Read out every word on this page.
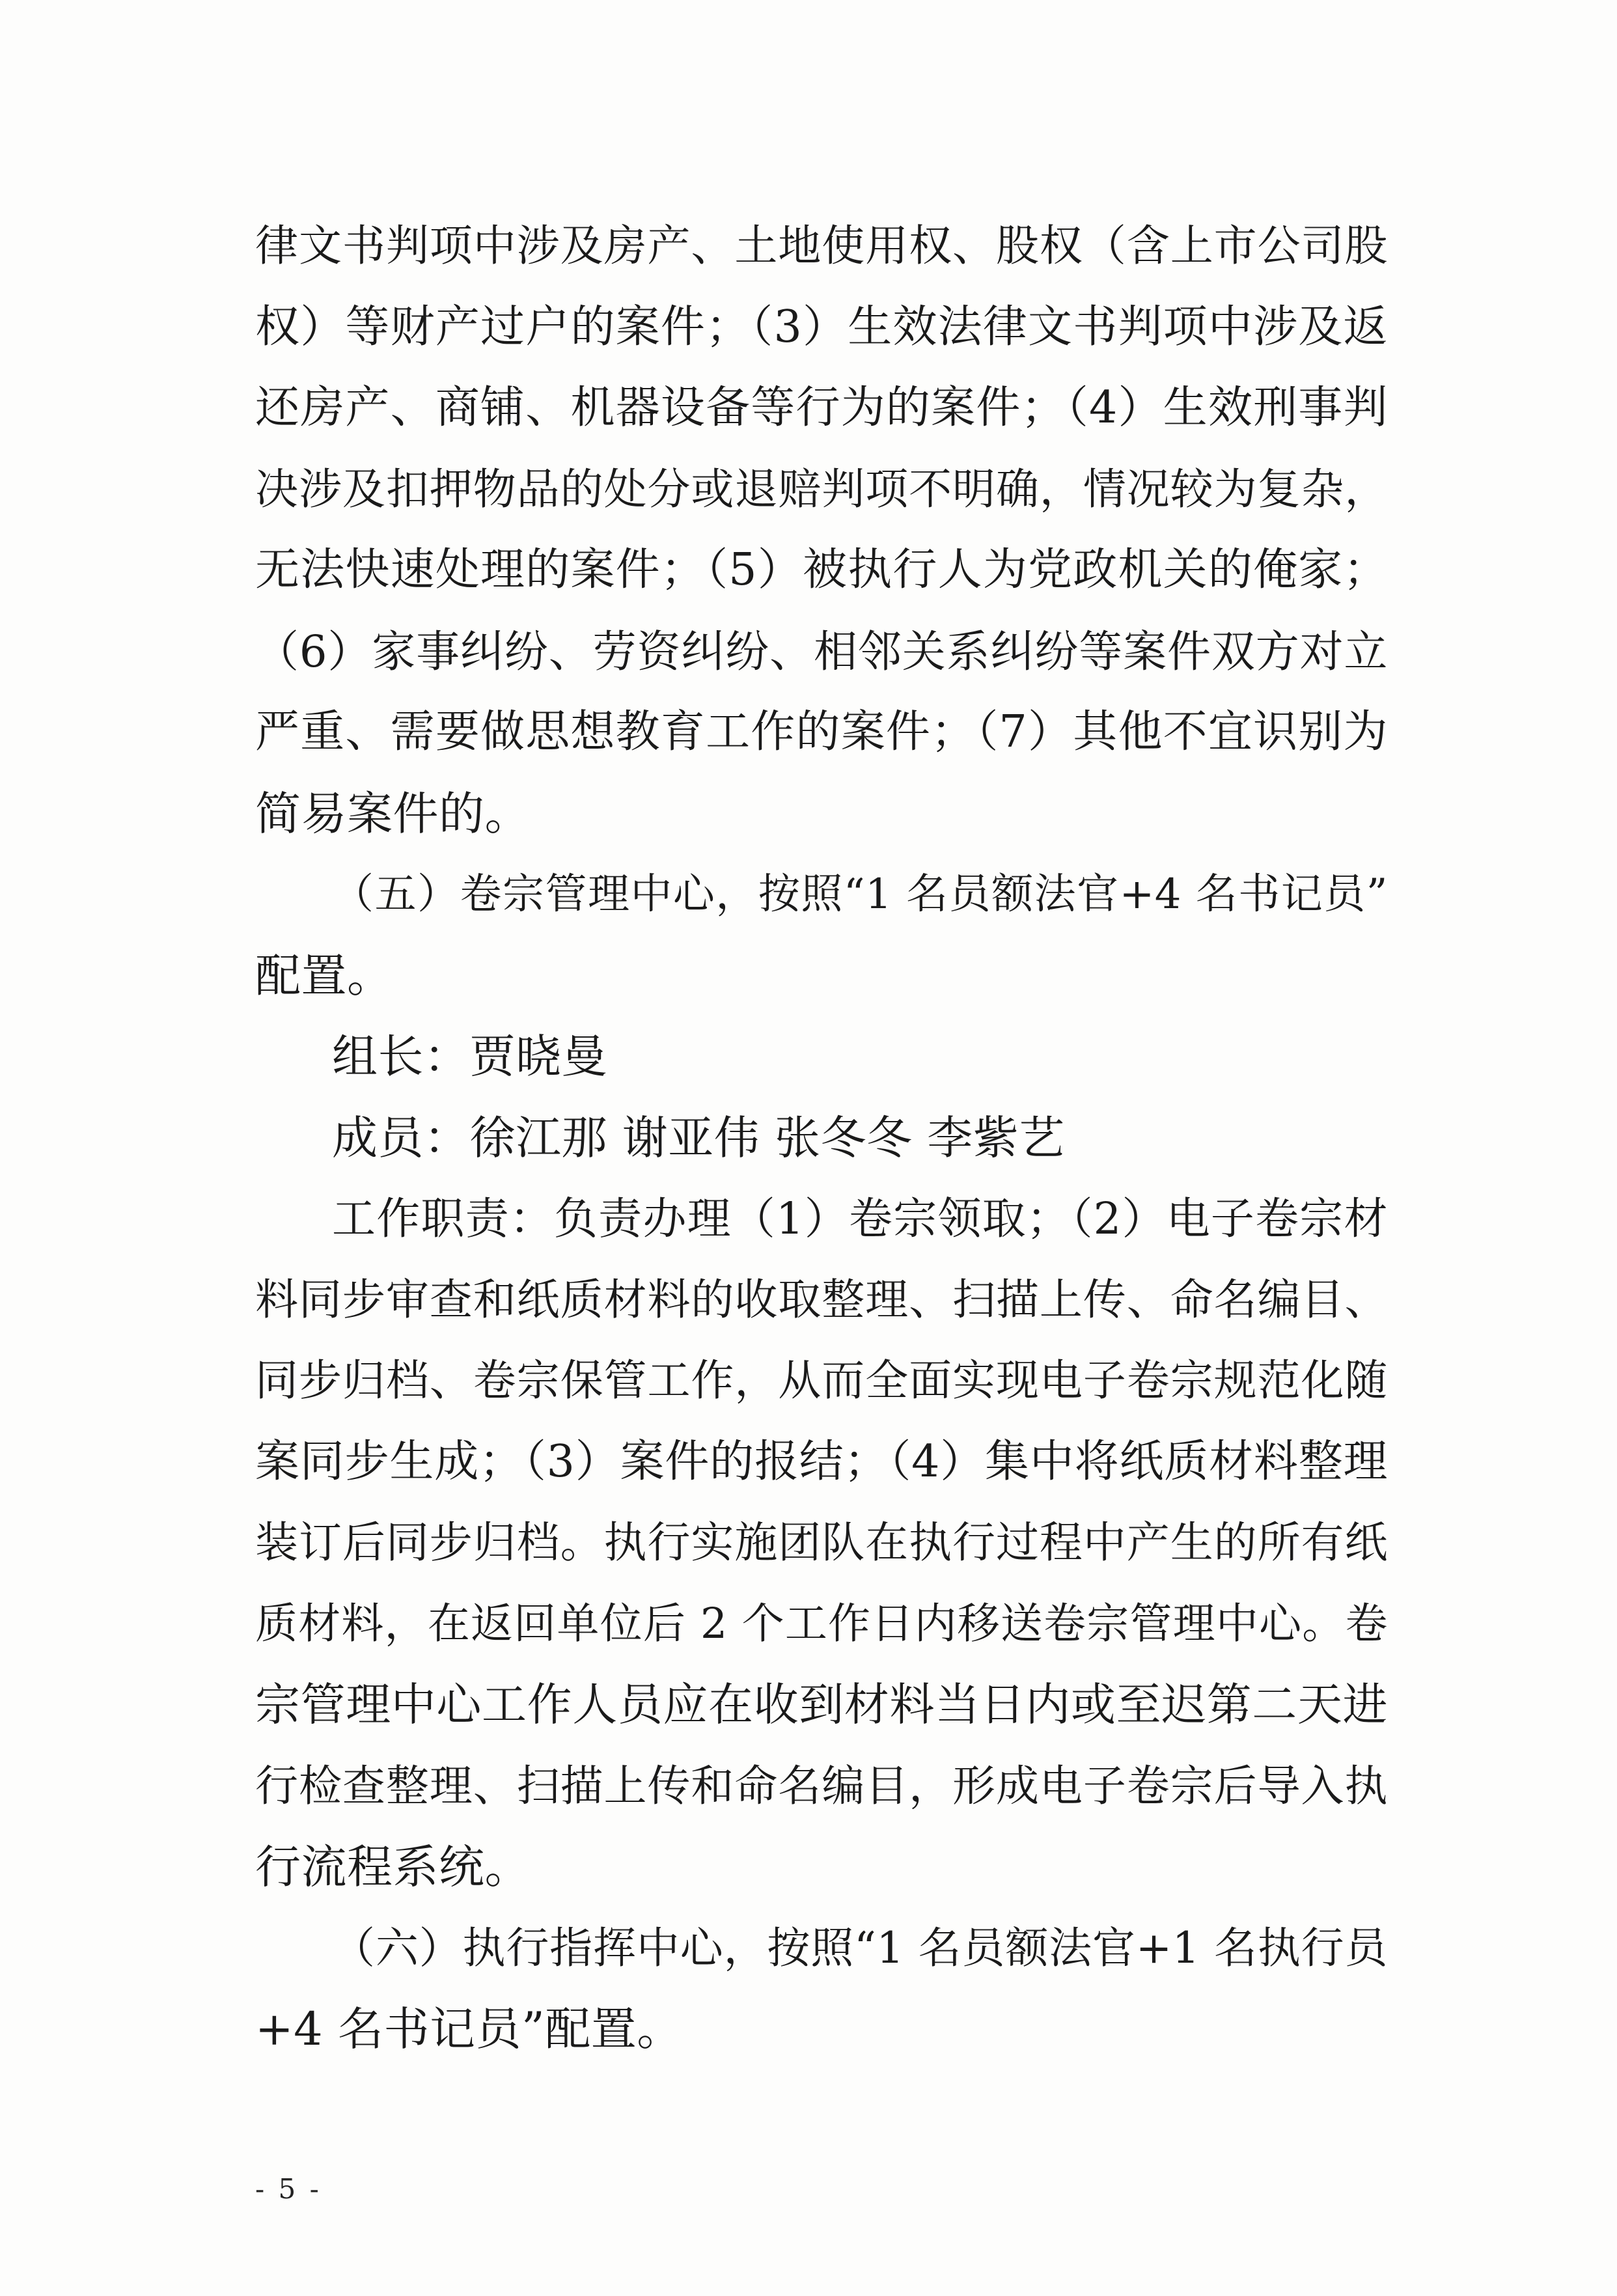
律文书判项中涉及房产、土地使用权、股权（含上市公司股
权）等财产过户的案件；（3）生效法律文书判项中涉及返
还房产、商铺、机器设备等行为的案件；（4）生效刑事判
决涉及扣押物品的处分或退赔判项不明确，情况较为复杂，
无法快速处理的案件；（5）被执行人为党政机关的俺家；
（6）家事纠纷、劳资纠纷、相邻关系纠纷等案件双方对立
严重、需要做思想教育工作的案件；（7）其他不宜识别为
简易案件的。
（五）卷宗管理中心，按照“1 名员额法官+4 名书记员”
配置。
组长：贾晓曼
成员：徐江那 谢亚伟 张冬冬 李紫艺
工作职责：负责办理（1）卷宗领取；（2）电子卷宗材
料同步审查和纸质材料的收取整理、扫描上传、命名编目、
同步归档、卷宗保管工作，从而全面实现电子卷宗规范化随
案同步生成；（3）案件的报结；（4）集中将纸质材料整理
装订后同步归档。执行实施团队在执行过程中产生的所有纸
质材料，在返回单位后 2 个工作日内移送卷宗管理中心。卷
宗管理中心工作人员应在收到材料当日内或至迟第二天进
行检查整理、扫描上传和命名编目，形成电子卷宗后导入执
行流程系统。
（六）执行指挥中心，按照“1 名员额法官+1 名执行员
+4 名书记员”配置。
- 5 -
